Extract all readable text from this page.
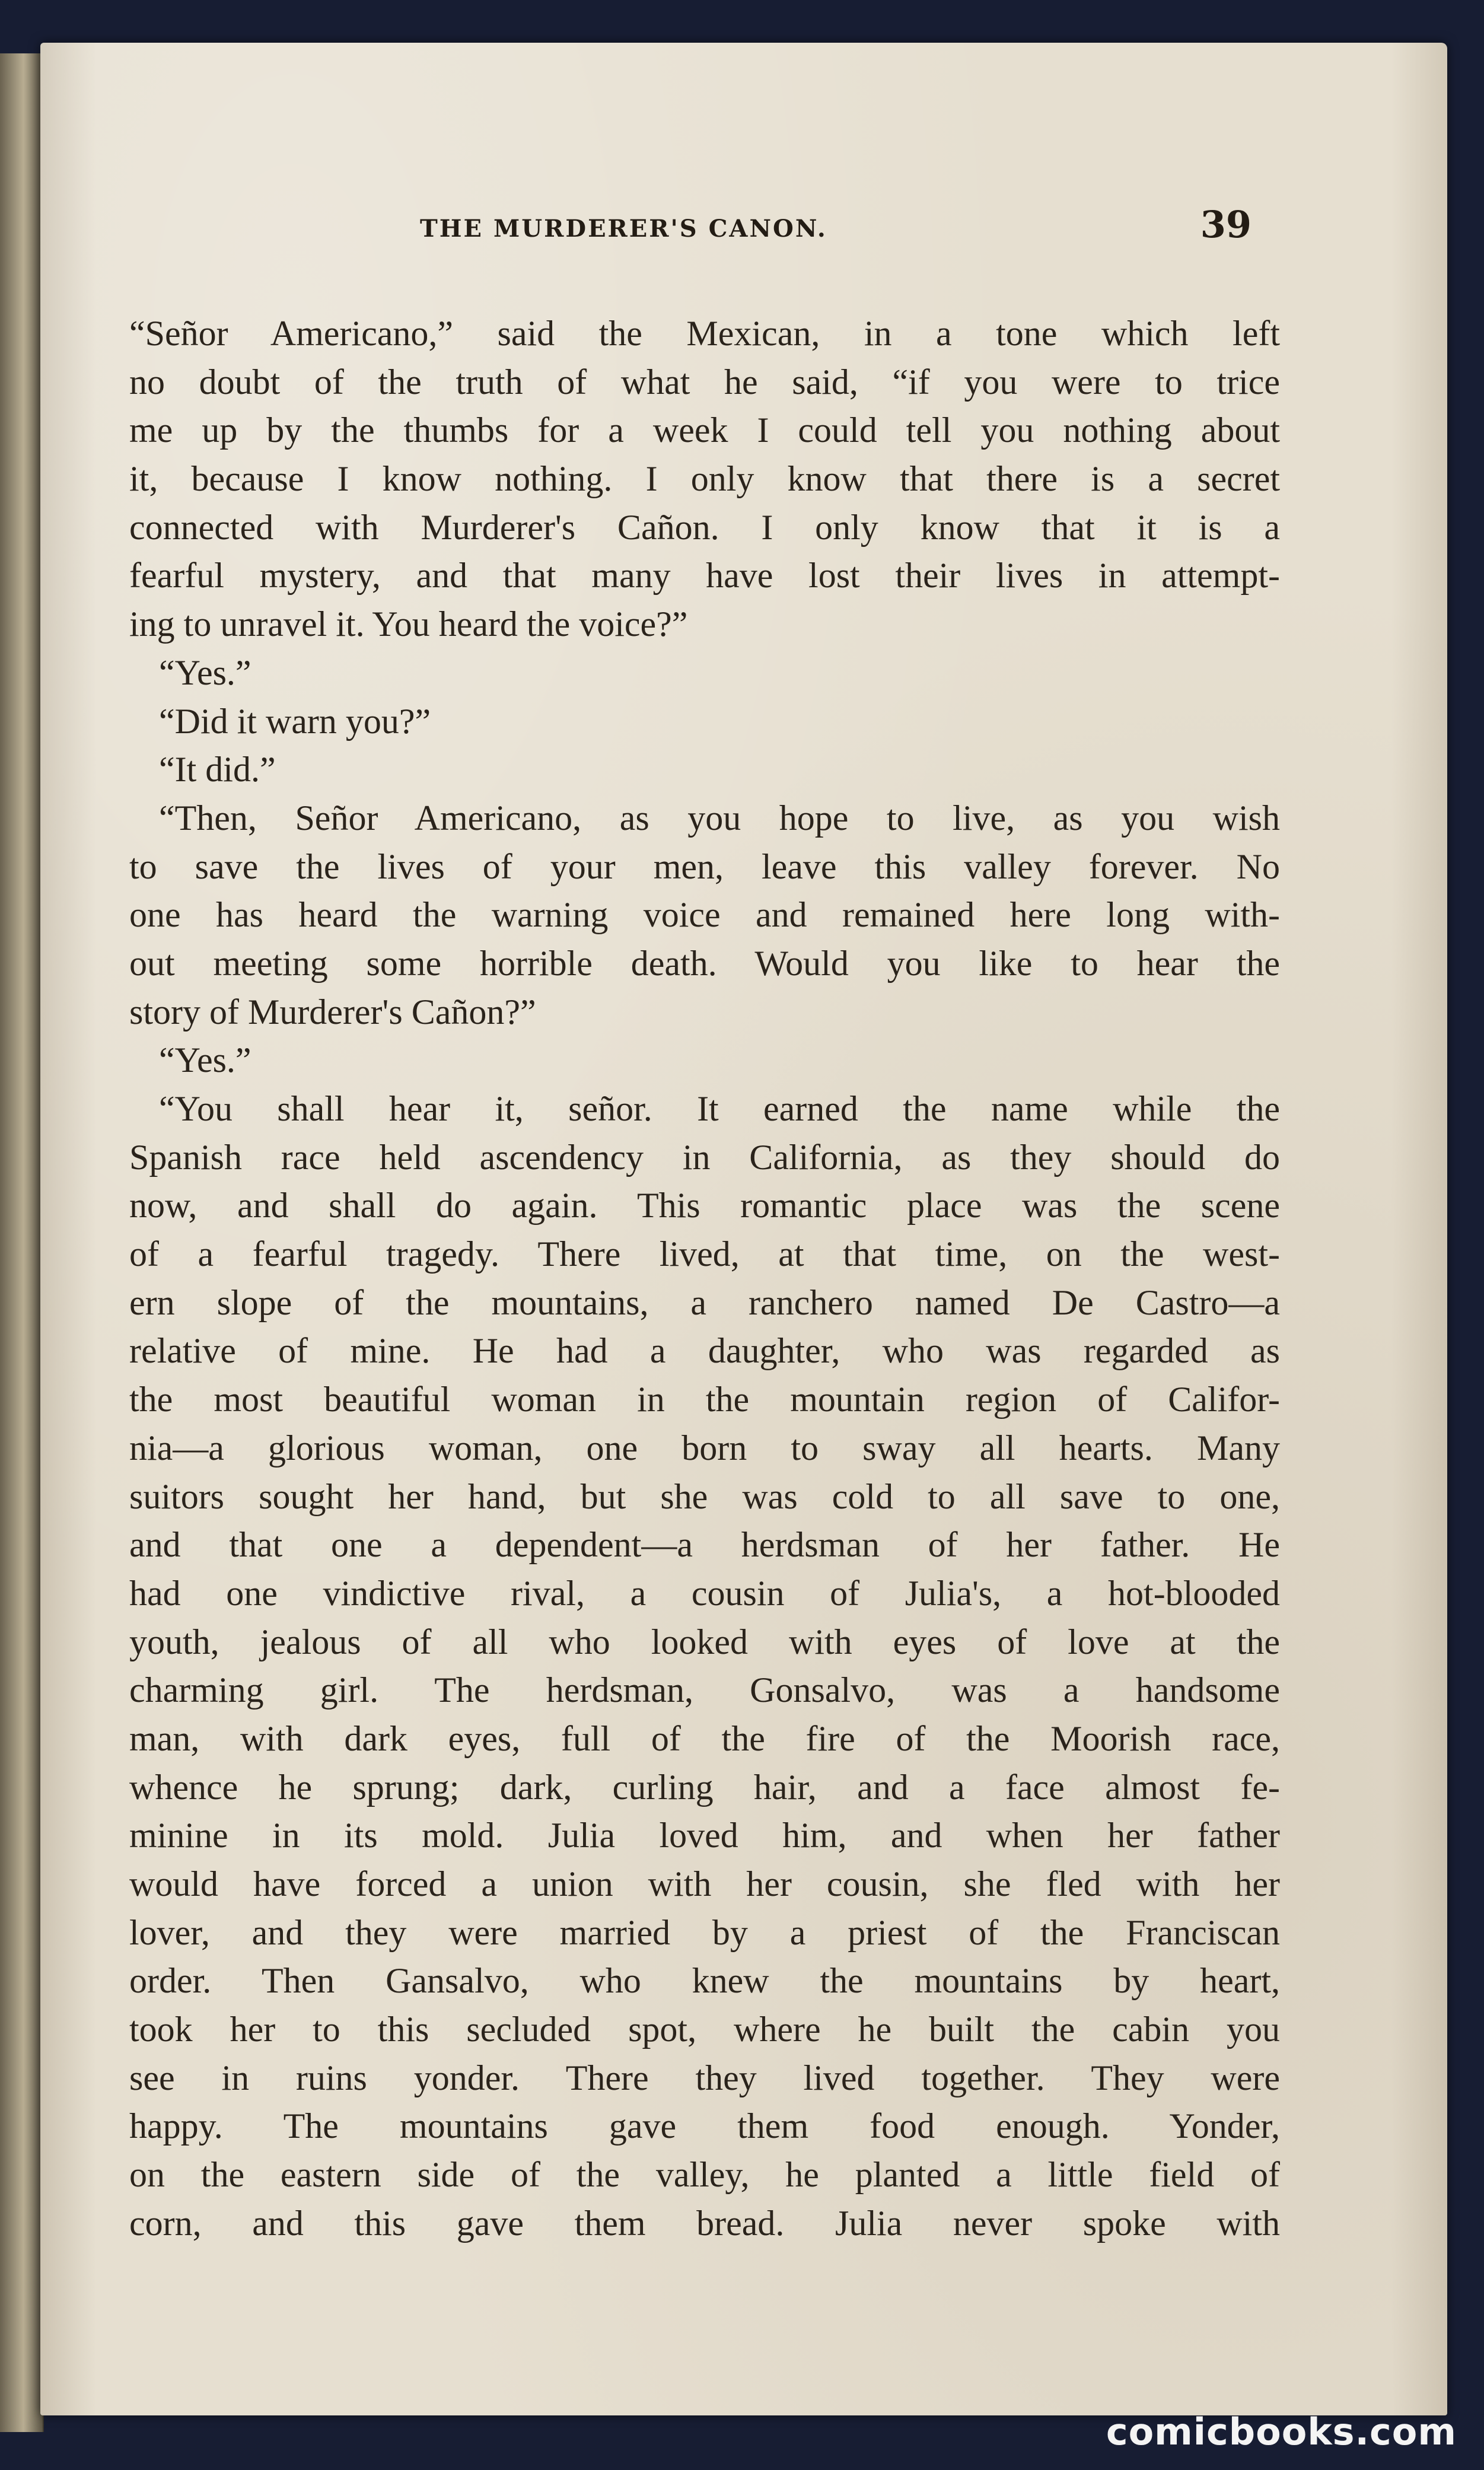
THE MURDERER'S CANON.	39
“Señor Americano,” said the Mexican, in a tone which left
no doubt of the truth of what he said, “if you were to trice
me up by the thumbs for a week I could tell you nothing about
it, because I know nothing. I only know that there is a secret
connected with Murderer's Cañon. I only know that it is a
fearful mystery, and that many have lost their lives in attempt-
ing to unravel it. You heard the voice?”
“Yes.”
“Did it warn you?”
“It did.”
“Then, Señor Americano, as you hope to live, as you wish
to save the lives of your men, leave this valley forever. No
one has heard the warning voice and remained here long with-
out meeting some horrible death. Would you like to hear the
story of Murderer's Cañon?”
“Yes.”
“You shall hear it, señor. It earned the name while the
Spanish race held ascendency in California, as they should do
now, and shall do again. This romantic place was the scene
of a fearful tragedy. There lived, at that time, on the west-
ern slope of the mountains, a ranchero named De Castro—a
relative of mine. He had a daughter, who was regarded as
the most beautiful woman in the mountain region of Califor-
nia—a glorious woman, one born to sway all hearts. Many
suitors sought her hand, but she was cold to all save to one,
and that one a dependent—a herdsman of her father. He
had one vindictive rival, a cousin of Julia's, a hot-blooded
youth, jealous of all who looked with eyes of love at the
charming girl. The herdsman, Gonsalvo, was a handsome
man, with dark eyes, full of the fire of the Moorish race,
whence he sprung; dark, curling hair, and a face almost fe-
minine in its mold. Julia loved him, and when her father
would have forced a union with her cousin, she fled with her
lover, and they were married by a priest of the Franciscan
order. Then Gansalvo, who knew the mountains by heart,
took her to this secluded spot, where he built the cabin you
see in ruins yonder. There they lived together. They were
happy. The mountains gave them food enough. Yonder,
on the eastern side of the valley, he planted a little field of
corn, and this gave them bread. Julia never spoke with
comicbooks.com
